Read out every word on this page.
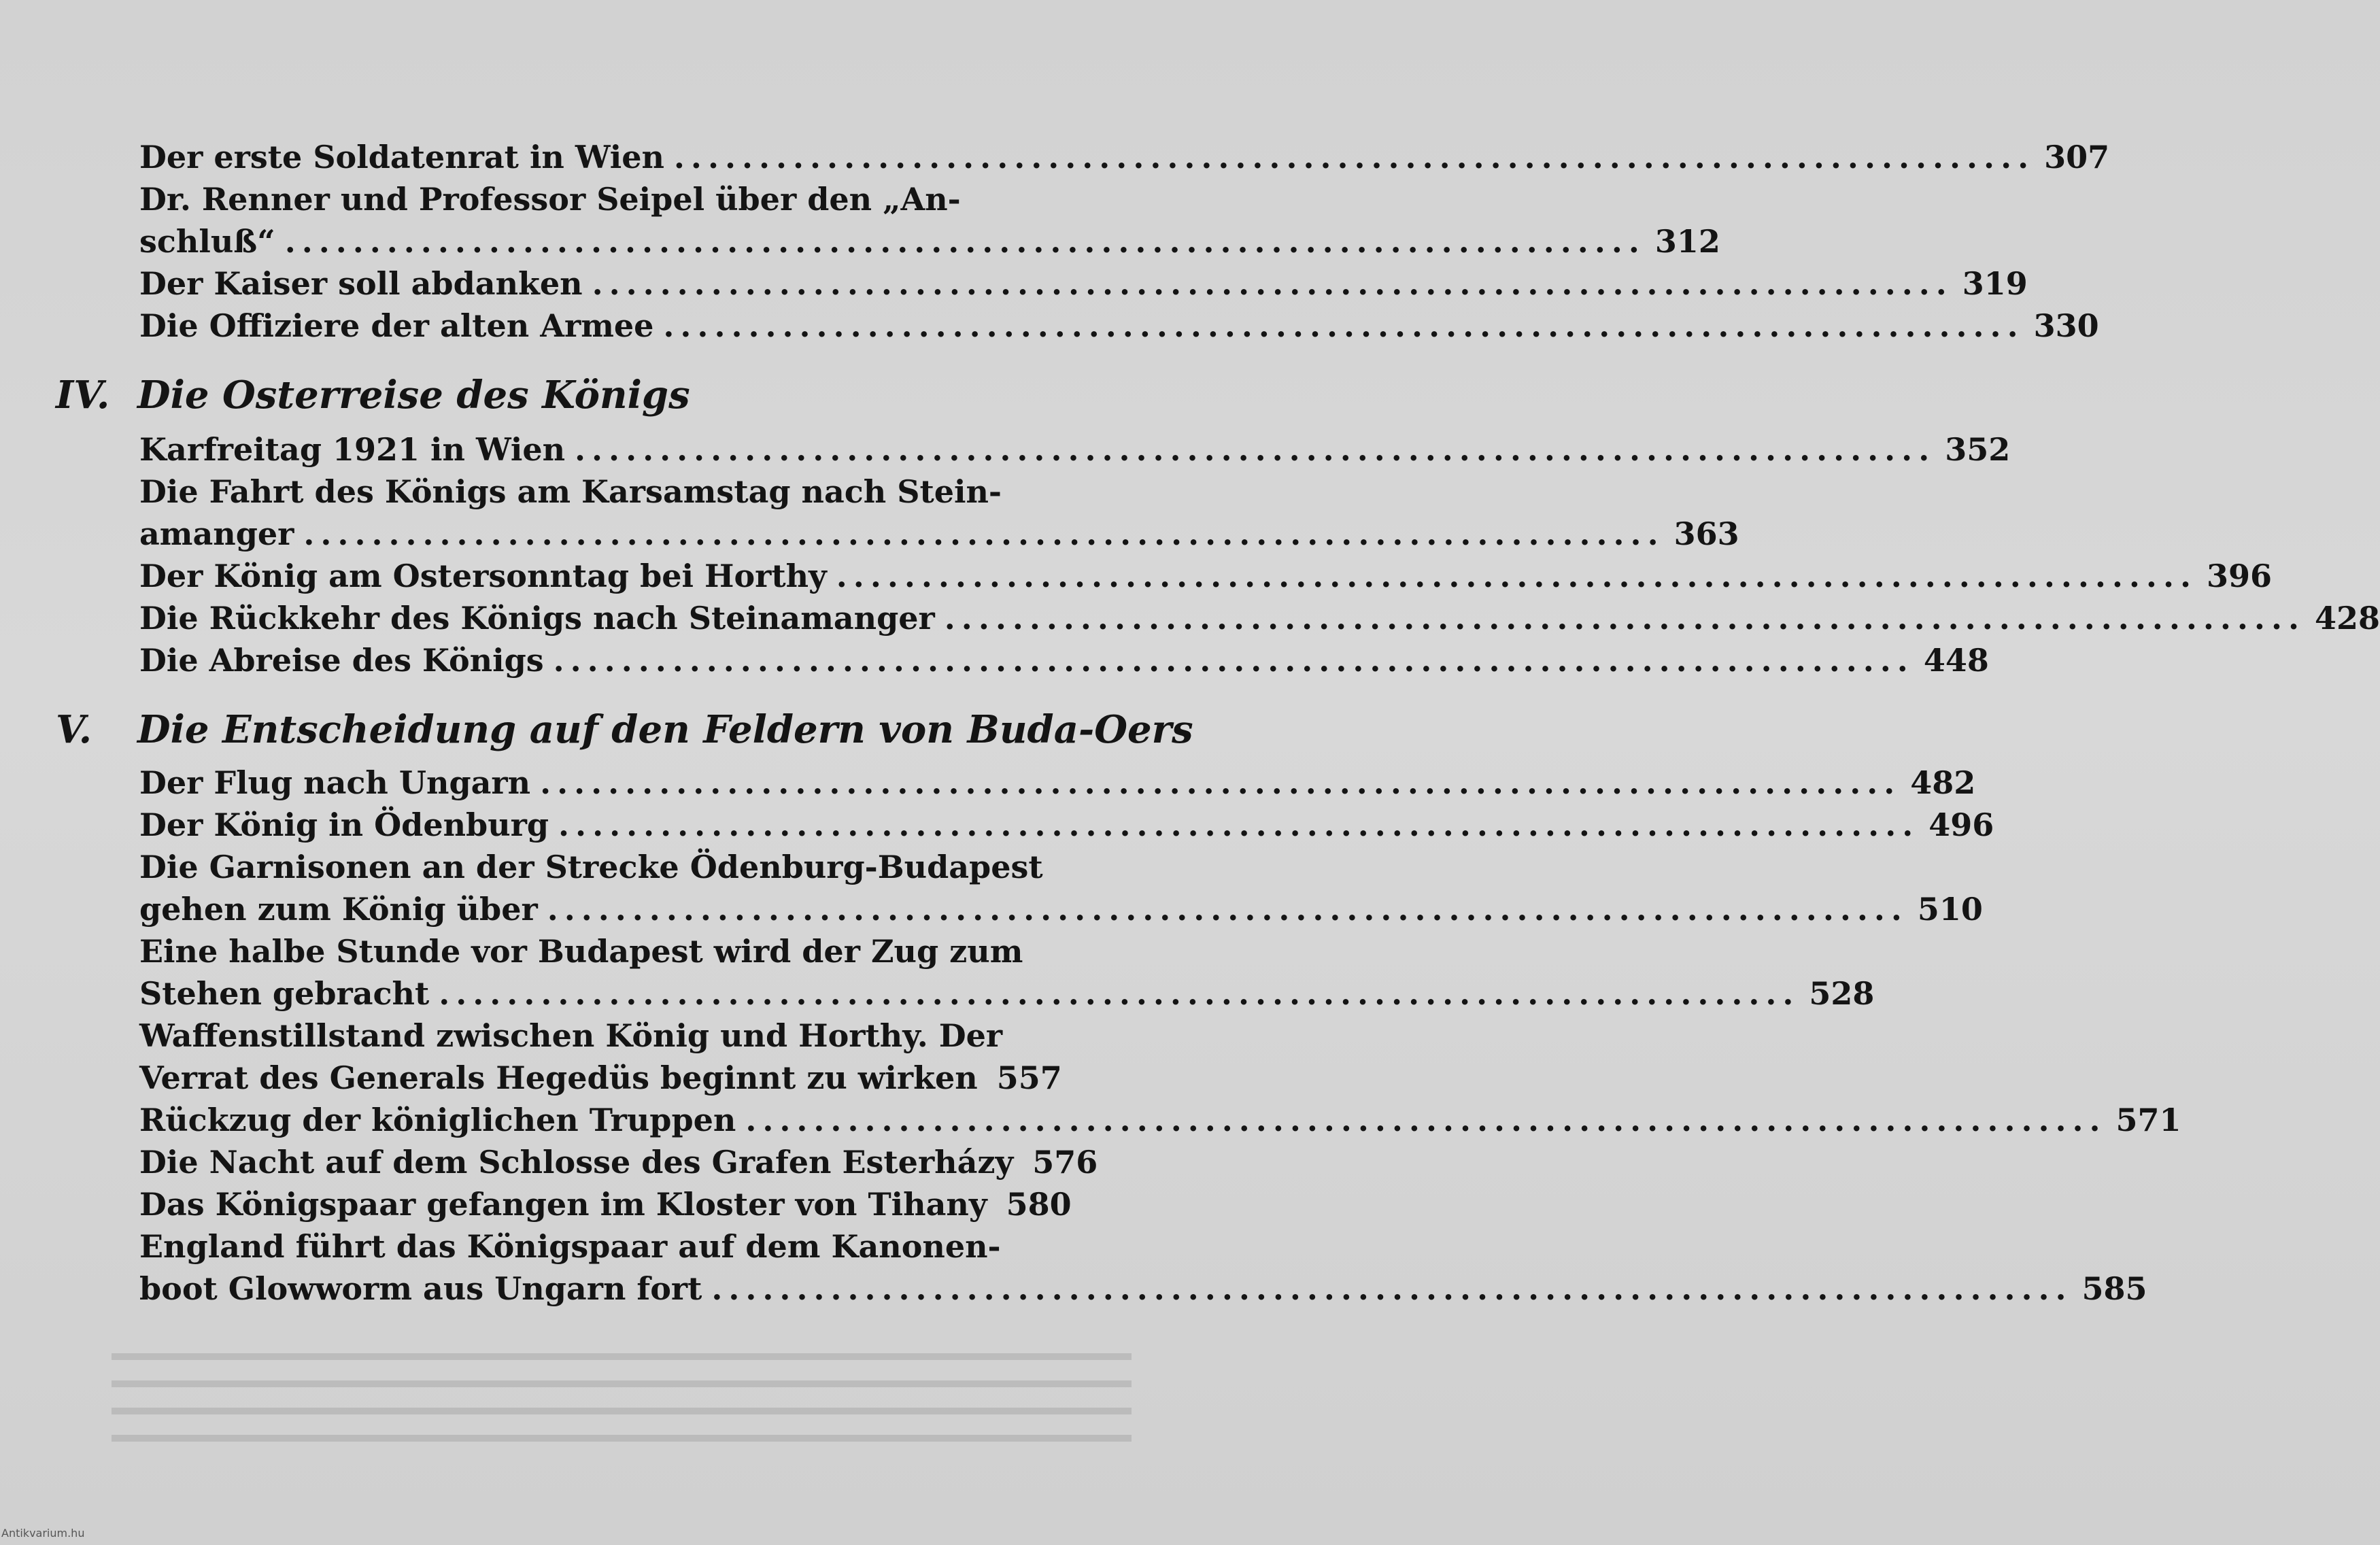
Der erste Soldatenrat in Wien ................................................................................ 307
Dr. Renner und Professor Seipel über den „An-
schluß“ ................................................................................ 312
Der Kaiser soll abdanken ................................................................................ 319
Die Offiziere der alten Armee ................................................................................ 330
IV. Die Osterreise des Königs
Karfreitag 1921 in Wien ................................................................................ 352
Die Fahrt des Königs am Karsamstag nach Stein-
amanger ................................................................................ 363
Der König am Ostersonntag bei Horthy ................................................................................ 396
Die Rückkehr des Königs nach Steinamanger ................................................................................ 428
Die Abreise des Königs ................................................................................ 448
V. Die Entscheidung auf den Feldern von Buda-Oers
Der Flug nach Ungarn ................................................................................ 482
Der König in Ödenburg ................................................................................ 496
Die Garnisonen an der Strecke Ödenburg-Budapest
gehen zum König über ................................................................................ 510
Eine halbe Stunde vor Budapest wird der Zug zum
Stehen gebracht ................................................................................ 528
Waffenstillstand zwischen König und Horthy. Der
Verrat des Generals Hegedüs beginnt zu wirken 557
Rückzug der königlichen Truppen ................................................................................ 571
Die Nacht auf dem Schlosse des Grafen Esterházy 576
Das Königspaar gefangen im Kloster von Tihany 580
England führt das Königspaar auf dem Kanonen-
boot Glowworm aus Ungarn fort ................................................................................ 585
Antikvarium.hu
